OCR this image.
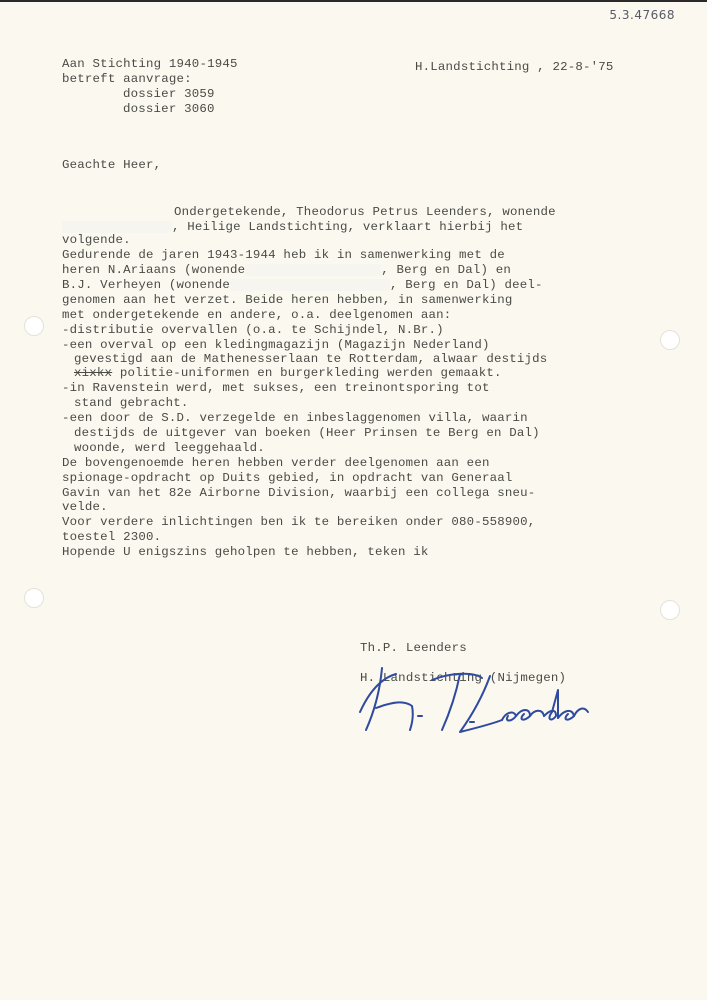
5.3.47668
Aan Stichting 1940-1945
betreft aanvrage:
dossier 3059
dossier 3060
H.Landstichting , 22-8-'75
Geachte Heer,
Ondergetekende, Theodorus Petrus Leenders, wonende
, Heilige Landstichting, verklaart hierbij het
volgende.
Gedurende de jaren 1943-1944 heb ik in samenwerking met de
heren N.Ariaans (wonende	, Berg en Dal) en
B.J. Verheyen (wonende	, Berg en Dal) deel-
genomen aan het verzet. Beide heren hebben, in samenwerking
met ondergetekende en andere, o.a. deelgenomen aan:
-distributie overvallen (o.a. te Schijndel, N.Br.)
-een overval op een kledingmagazijn (Magazijn Nederland)
gevestigd aan de Mathenesserlaan te Rotterdam, alwaar destijds
xixkx politie-uniformen en burgerkleding werden gemaakt.
-in Ravenstein werd, met sukses, een treinontsporing tot
stand gebracht.
-een door de S.D. verzegelde en inbeslaggenomen villa, waarin
destijds de uitgever van boeken (Heer Prinsen te Berg en Dal)
woonde, werd leeggehaald.
De bovengenoemde heren hebben verder deelgenomen aan een
spionage-opdracht op Duits gebied, in opdracht van Generaal
Gavin van het 82e Airborne Division, waarbij een collega sneu-
velde.
Voor verdere inlichtingen ben ik te bereiken onder 080-558900,
toestel 2300.
Hopende U enigszins geholpen te hebben, teken ik
Th.P. Leenders
H. Landstichting (Nijmegen)
